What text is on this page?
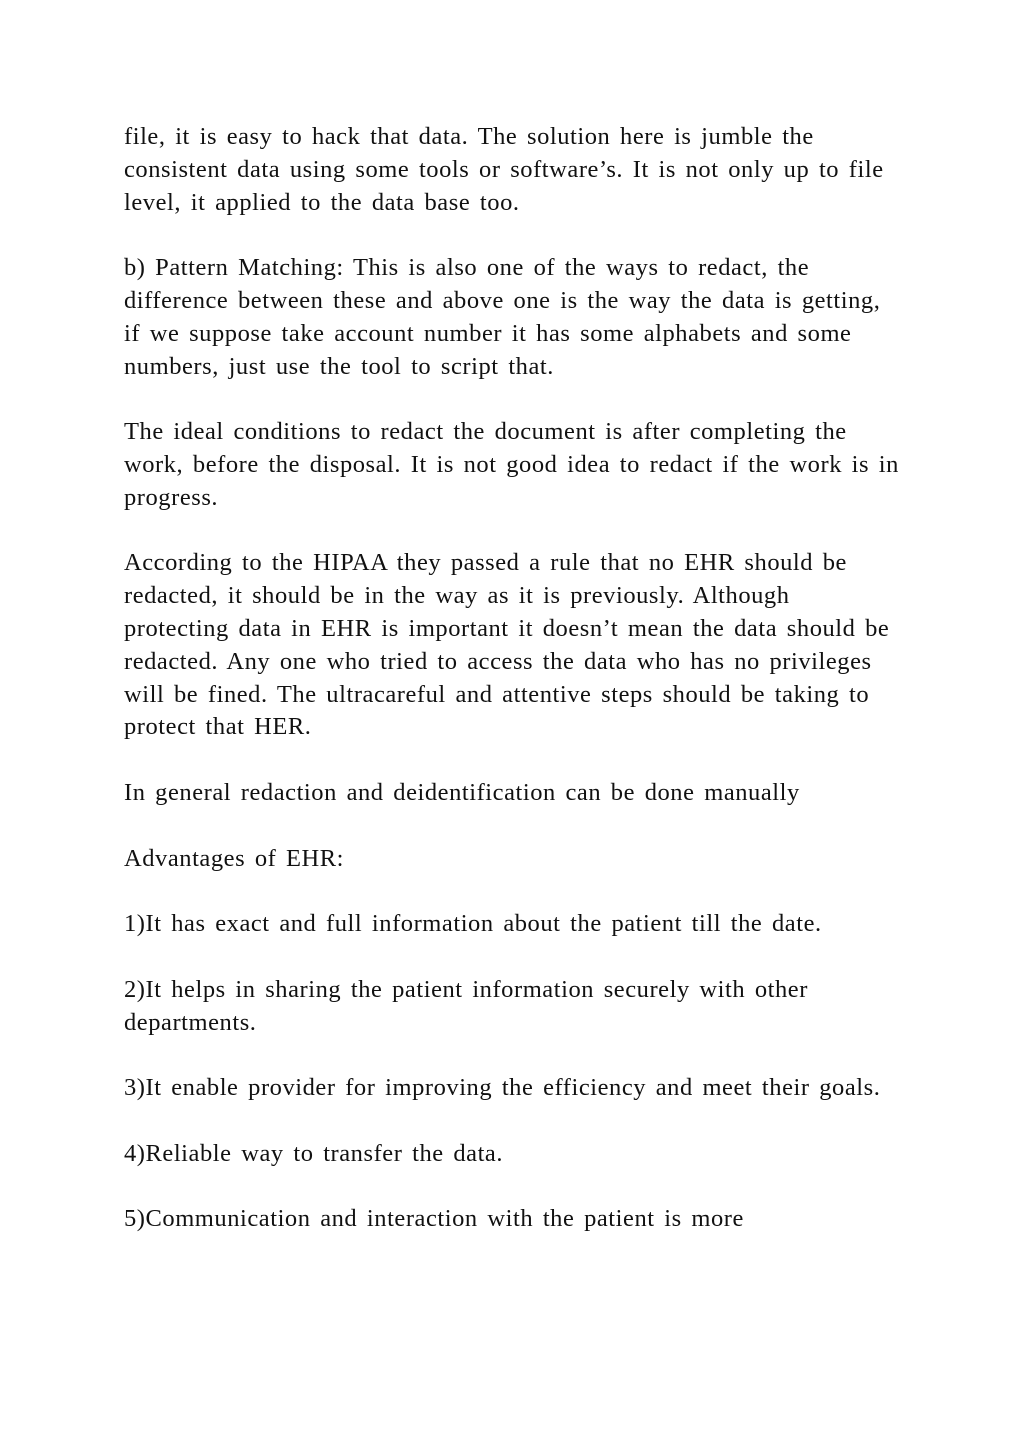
file, it is easy to hack that data. The solution here is jumble the consistent data using some tools or software’s. It is not only up to file level, it applied to the data base too.

b) Pattern Matching: This is also one of the ways to redact, the difference between these and above one is the way the data is getting, if we suppose take account number it has some alphabets and some numbers, just use the tool to script that.

The ideal conditions to redact the document is after completing the work, before the disposal. It is not good idea to redact if the work is in progress.

According to the HIPAA they passed a rule that no EHR should be redacted, it should be in the way as it is previously. Although protecting data in EHR is important it doesn’t mean the data should be redacted. Any one who tried to access the data who has no privileges will be fined. The ultracareful and attentive steps should be taking to protect that HER.

In general redaction and deidentification can be done manually

Advantages of EHR:

1)It has exact and full information about the patient till the date.

2)It helps in sharing the patient information securely with other departments.

3)It enable provider for improving the efficiency and meet their goals.

4)Reliable way to transfer the data.

5)Communication and interaction with the patient is more
